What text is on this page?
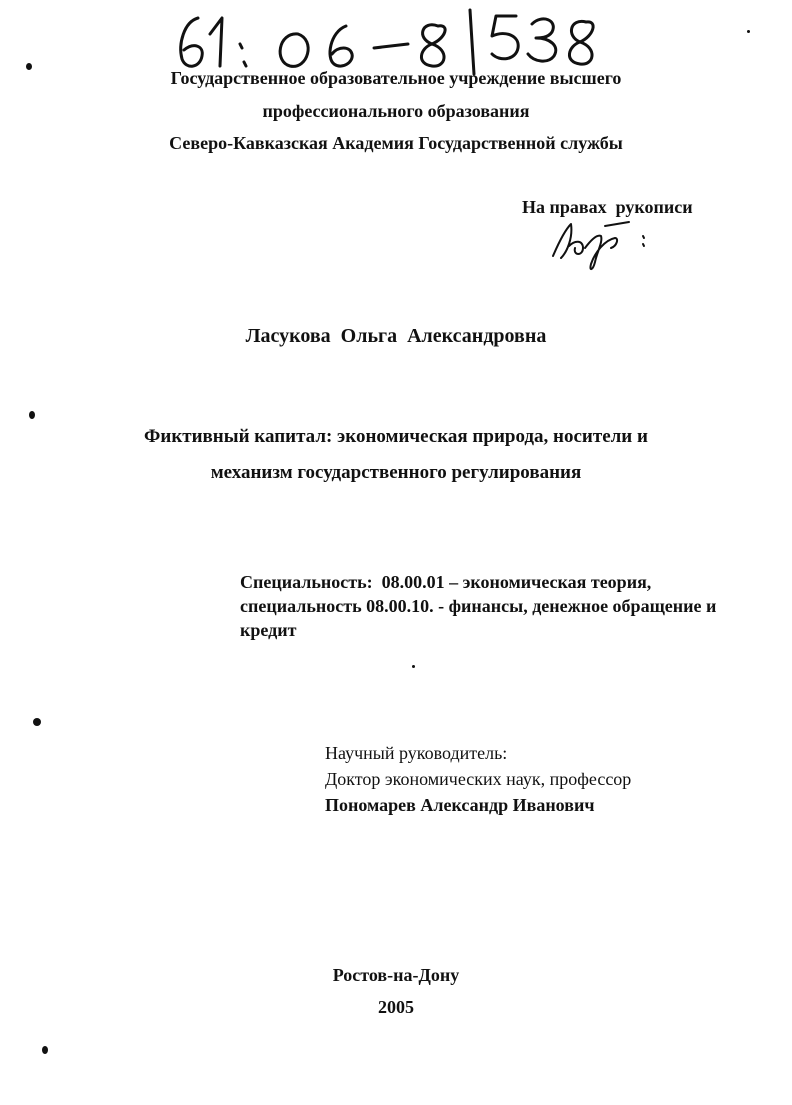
Государственное образовательное учреждение высшего
профессионального образования
Северо-Кавказская Академия Государственной службы
На правах  рукописи
Ласукова  Ольга  Александровна
Фиктивный капитал: экономическая природа, носители и
механизм государственного регулирования
Специальность:  08.00.01 – экономическая теория,
специальность 08.00.10. - финансы, денежное обращение и
кредит
Научный руководитель:
Доктор экономических наук, профессор
Пономарев Александр Иванович
Ростов-на-Дону
2005
